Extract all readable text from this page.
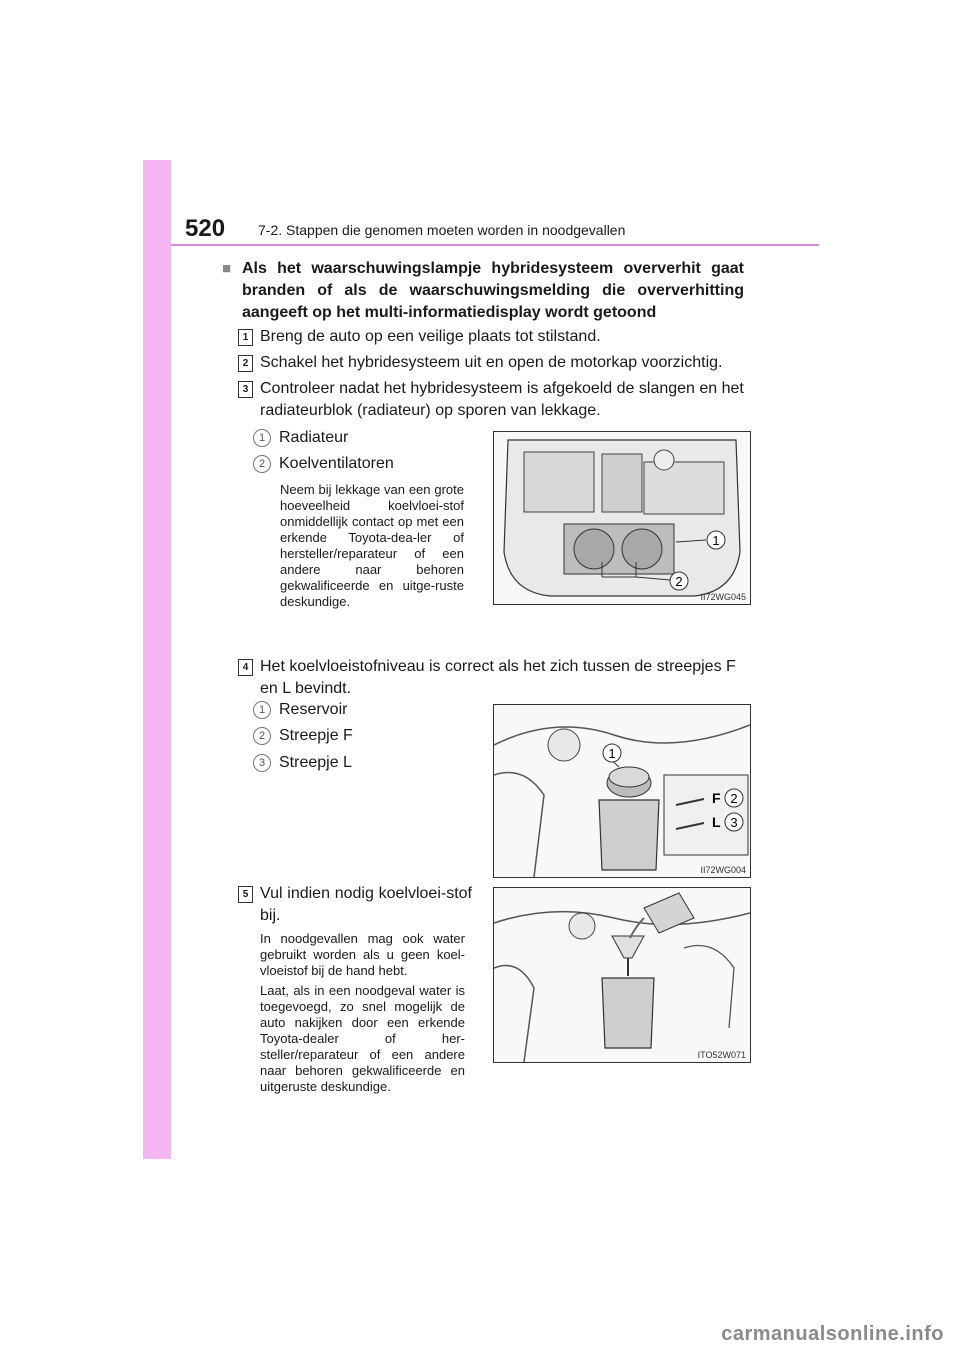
520 7-2. Stappen die genomen moeten worden in noodgevallen
■ Als het waarschuwingslampje hybridesysteem oververhit gaat branden of als de waarschuwingsmelding die oververhitting aangeeft op het multi-informatiedisplay wordt getoond
1 Breng de auto op een veilige plaats tot stilstand.
2 Schakel het hybridesysteem uit en open de motorkap voorzichtig.
3 Controleer nadat het hybridesysteem is afgekoeld de slangen en het radiateurblok (radiateur) op sporen van lekkage.
1 Radiateur
2 Koelventilatoren
Neem bij lekkage van een grote hoeveelheid koelvloei-stof onmiddellijk contact op met een erkende Toyota-dea-ler of hersteller/reparateur of een andere naar behoren gekwalificeerde en uitge-ruste deskundige.
1
2
II72WG045
4 Het koelvloeistofniveau is correct als het zich tussen de streepjes F en L bevindt.
1 Reservoir
2 Streepje F
3 Streepje L
F
L
2
3
1
II72WG004
5 Vul indien nodig koelvloei-stof bij.
In noodgevallen mag ook water gebruikt worden als u geen koel-vloeistof bij de hand hebt.
Laat, als in een noodgeval water is toegevoegd, zo snel mogelijk de auto nakijken door een erkende Toyota-dealer of her-steller/reparateur of een andere naar behoren gekwalificeerde en uitgeruste deskundige.
ITO52W071
carmanualsonline.info
